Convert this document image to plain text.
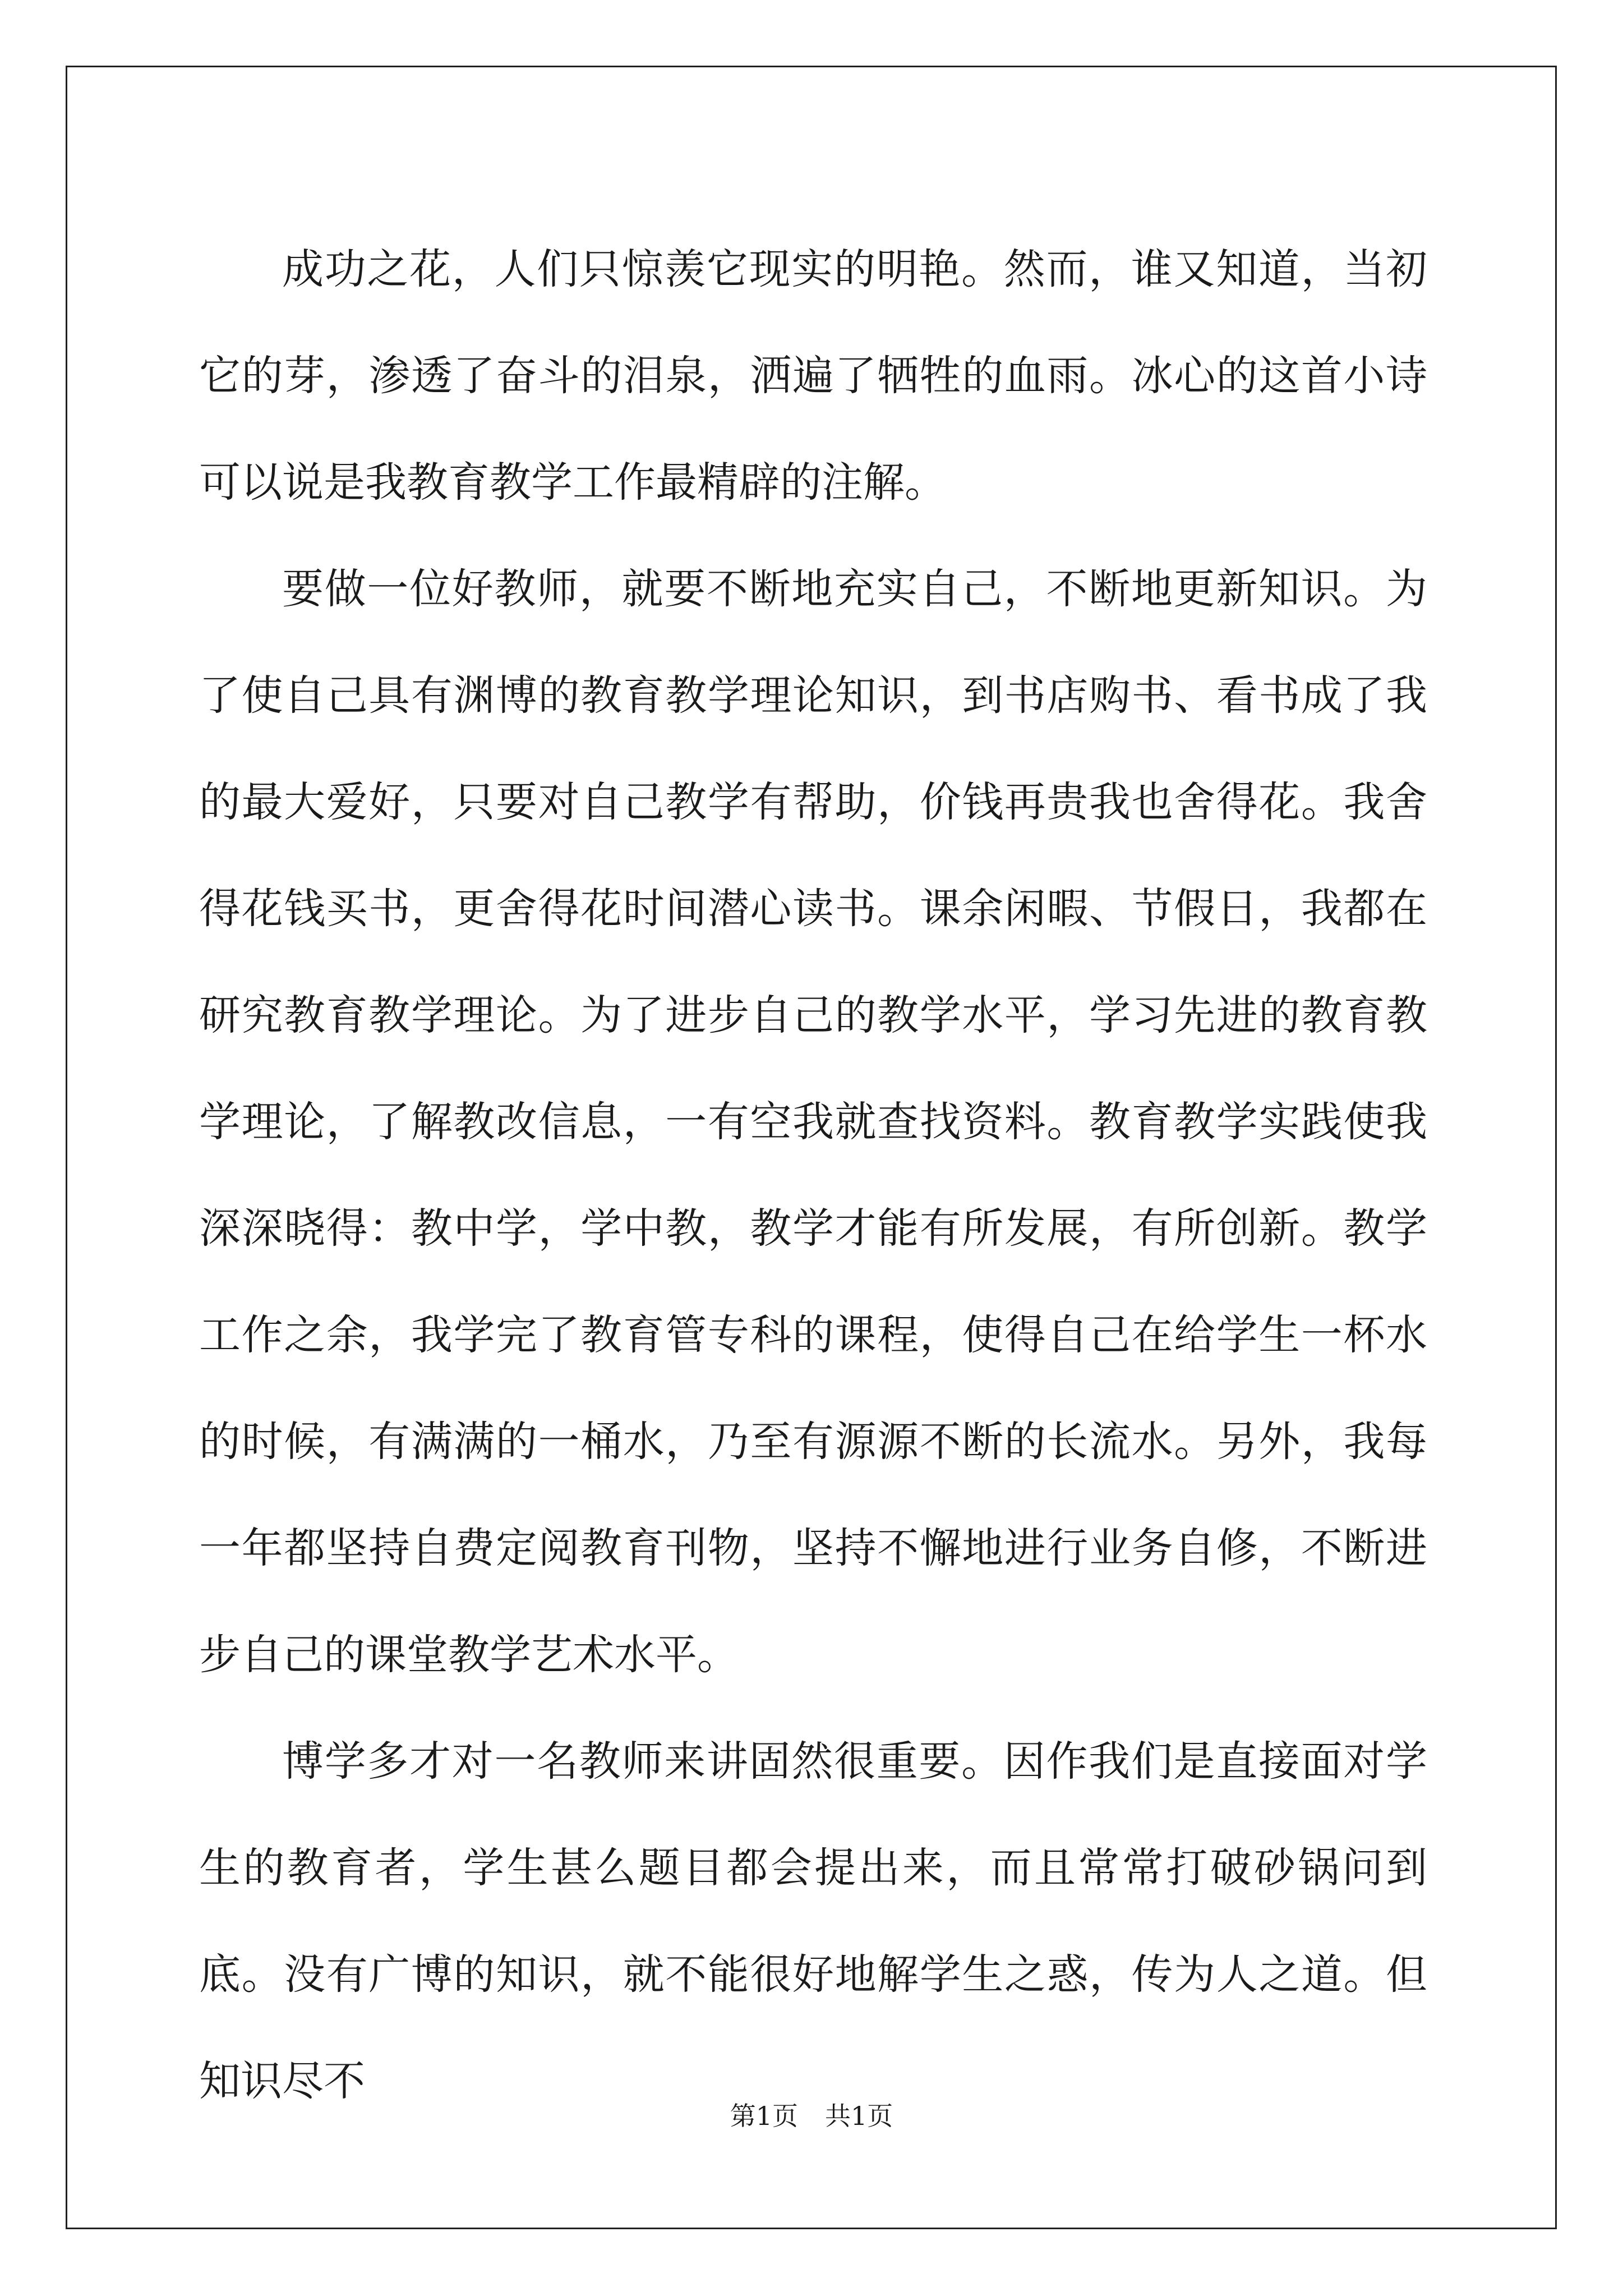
成功之花，人们只惊羡它现实的明艳。然而，谁又知道，当初它的芽，渗透了奋斗的泪泉，洒遍了牺牲的血雨。冰心的这首小诗可以说是我教育教学工作最精辟的注解。

要做一位好教师，就要不断地充实自己，不断地更新知识。为了使自己具有渊博的教育教学理论知识，到书店购书、看书成了我的最大爱好，只要对自己教学有帮助，价钱再贵我也舍得花。我舍得花钱买书，更舍得花时间潜心读书。课余闲暇、节假日，我都在研究教育教学理论。为了进步自己的教学水平，学习先进的教育教学理论，了解教改信息，一有空我就查找资料。教育教学实践使我深深晓得：教中学，学中教，教学才能有所发展，有所创新。教学工作之余，我学完了教育管专科的课程，使得自己在给学生一杯水的时候，有满满的一桶水，乃至有源源不断的长流水。另外，我每一年都坚持自费定阅教育刊物，坚持不懈地进行业务自修，不断进步自己的课堂教学艺术水平。

博学多才对一名教师来讲固然很重要。因作我们是直接面对学生的教育者，学生甚么题目都会提出来，而且常常打破砂锅问到底。没有广博的知识，就不能很好地解学生之惑，传为人之道。但知识尽不

第1页 共1页
